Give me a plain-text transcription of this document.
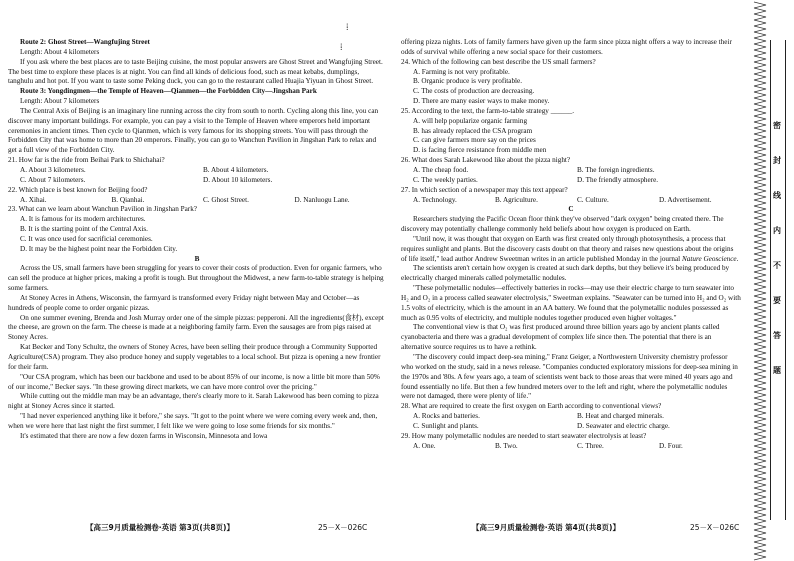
Route 2: Ghost Street—Wangfujing Street

Length: About 4 kilometers

If you ask where the best places are to taste Beijing cuisine, the most popular answers are Ghost Street and Wangfujing Street. The best time to explore these places is at night. You can find all kinds of delicious food, such as meat kebabs, dumplings, tanghulu and hot pot. If you want to taste some Peking duck, you can go to the restaurant called Huajia Yiyuan in Ghost Street.

Route 3: Yongdingmen—the Temple of Heaven—Qianmen—the Forbidden City—Jingshan Park

Length: About 7 kilometers

The Central Axis of Beijing is an imaginary line running across the city from south to north. Cycling along this line, you can discover many important buildings. For example, you can pay a visit to the Temple of Heaven where emperors held important ceremonies in ancient times. Then cycle to Qianmen, which is very famous for its shopping streets. You will pass through the Forbidden City that was home to more than 20 emperors. Finally, you can go to Wanchun Pavilion in Jingshan Park to relax and get a full view of the Forbidden City.

21. How far is the ride from Beihai Park to Shichahai?

A. About 3 kilometers.	B. About 4 kilometers.
C. About 7 kilometers.	D. About 10 kilometers.

22. Which place is best known for Beijing food?

A. Xihai.	B. Qianhai.	C. Ghost Street.	D. Nanluogu Lane.

23. What can we learn about Wanchun Pavilion in Jingshan Park?

A. It is famous for its modern architectures.

B. It is the starting point of the Central Axis.

C. It was once used for sacrificial ceremonies.

D. It may be the highest point near the Forbidden City.

B

Across the US, small farmers have been struggling for years to cover their costs of production. Even for organic farmers, who can sell the produce at higher prices, making a profit is tough. But throughout the Midwest, a new farm-to-table strategy is helping some farmers.

At Stoney Acres in Athens, Wisconsin, the farmyard is transformed every Friday night between May and October—as hundreds of people come to order organic pizzas.

On one summer evening, Brenda and Josh Murray order one of the simple pizzas: pepperoni. All the ingredients(食材), except the cheese, are grown on the farm. The cheese is made at a neighboring family farm. Even the sausages are from pigs raised at Stoney Acres.

Kat Becker and Tony Schultz, the owners of Stoney Acres, have been selling their produce through a Community Supported Agriculture(CSA) program. They also produce honey and supply vegetables to a local school. But pizza is opening a new frontier for their farm.

"Our CSA program, which has been our backbone and used to be about 85% of our income, is now a little bit more than 50% of our income," Becker says. "In these growing direct markets, we can have more control over the pricing."

While cutting out the middle man may be an advantage, there's clearly more to it. Sarah Lakewood has been coming to pizza night at Stoney Acres since it started.

"I had never experienced anything like it before," she says. "It got to the point where we were coming every week and, then, when we were here that last night the first summer, I felt like we were going to lose some friends for six months."

It's estimated that there are now a few dozen farms in Wisconsin, Minnesota and Iowa

offering pizza nights. Lots of family farmers have given up the farm since pizza night offers a way to increase their odds of survival while offering a new social space for their customers.

24. Which of the following can best describe the US small farmers?

A. Farming is not very profitable.

B. Organic produce is very profitable.

C. The costs of production are decreasing.

D. There are many easier ways to make money.

25. According to the text, the farm-to-table strategy ______.

A. will help popularize organic farming

B. has already replaced the CSA program

C. can give farmers more say on the prices

D. is facing fierce resistance from middle men

26. What does Sarah Lakewood like about the pizza night?

A. The cheap food.	B. The foreign ingredients.
C. The weekly parties.	D. The friendly atmosphere.

27. In which section of a newspaper may this text appear?

A. Technology.	B. Agriculture.	C. Culture.	D. Advertisement.

C

Researchers studying the Pacific Ocean floor think they've observed "dark oxygen" being created there. The discovery may potentially challenge commonly held beliefs about how oxygen is produced on Earth.

"Until now, it was thought that oxygen on Earth was first created only through photosynthesis, a process that requires sunlight and plants. But the discovery casts doubt on that theory and raises new questions about the origins of life itself," lead author Andrew Sweetman writes in an article published Monday in the journal Nature Geoscience.

The scientists aren't certain how oxygen is created at such dark depths, but they believe it's being produced by electrically charged minerals called polymetallic nodules.

"These polymetallic nodules—effectively batteries in rocks—may use their electric charge to turn seawater into H₂ and O₂ in a process called seawater electrolysis," Sweetman explains. "Seawater can be turned into H₂ and O₂ with 1.5 volts of electricity, which is the amount in an AA battery. We found that the polymetallic nodules possessed as much as 0.95 volts of electricity, and multiple nodules together produced even higher voltages."

The conventional view is that O₂ was first produced around three billion years ago by ancient plants called cyanobacteria and there was a gradual development of complex life since then. The potential that there is an alternative source requires us to have a rethink.

"The discovery could impact deep-sea mining," Franz Geiger, a Northwestern University chemistry professor who worked on the study, said in a news release. "Companies conducted exploratory missions for deep-sea mining in the 1970s and '80s. A few years ago, a team of scientists went back to those areas that were mined 40 years ago and found essentially no life. But then a few hundred meters over to the left and right, where the polymetallic nodules were not damaged, there were plenty of life."

28. What are required to create the first oxygen on Earth according to conventional views?

A. Rocks and batteries.	B. Heat and charged minerals.
C. Sunlight and plants.	D. Seawater and electric charge.

29. How many polymetallic nodules are needed to start seawater electrolysis at least?

A. One.	B. Two.	C. Three.	D. Four.
【高三9月质量检测卷·英语 第3页(共8页)】	25－X－026C	【高三9月质量检测卷·英语 第4页(共8页)】	25－X－026C
⁞
⁞
密
封
线
内
不
要
答
题
